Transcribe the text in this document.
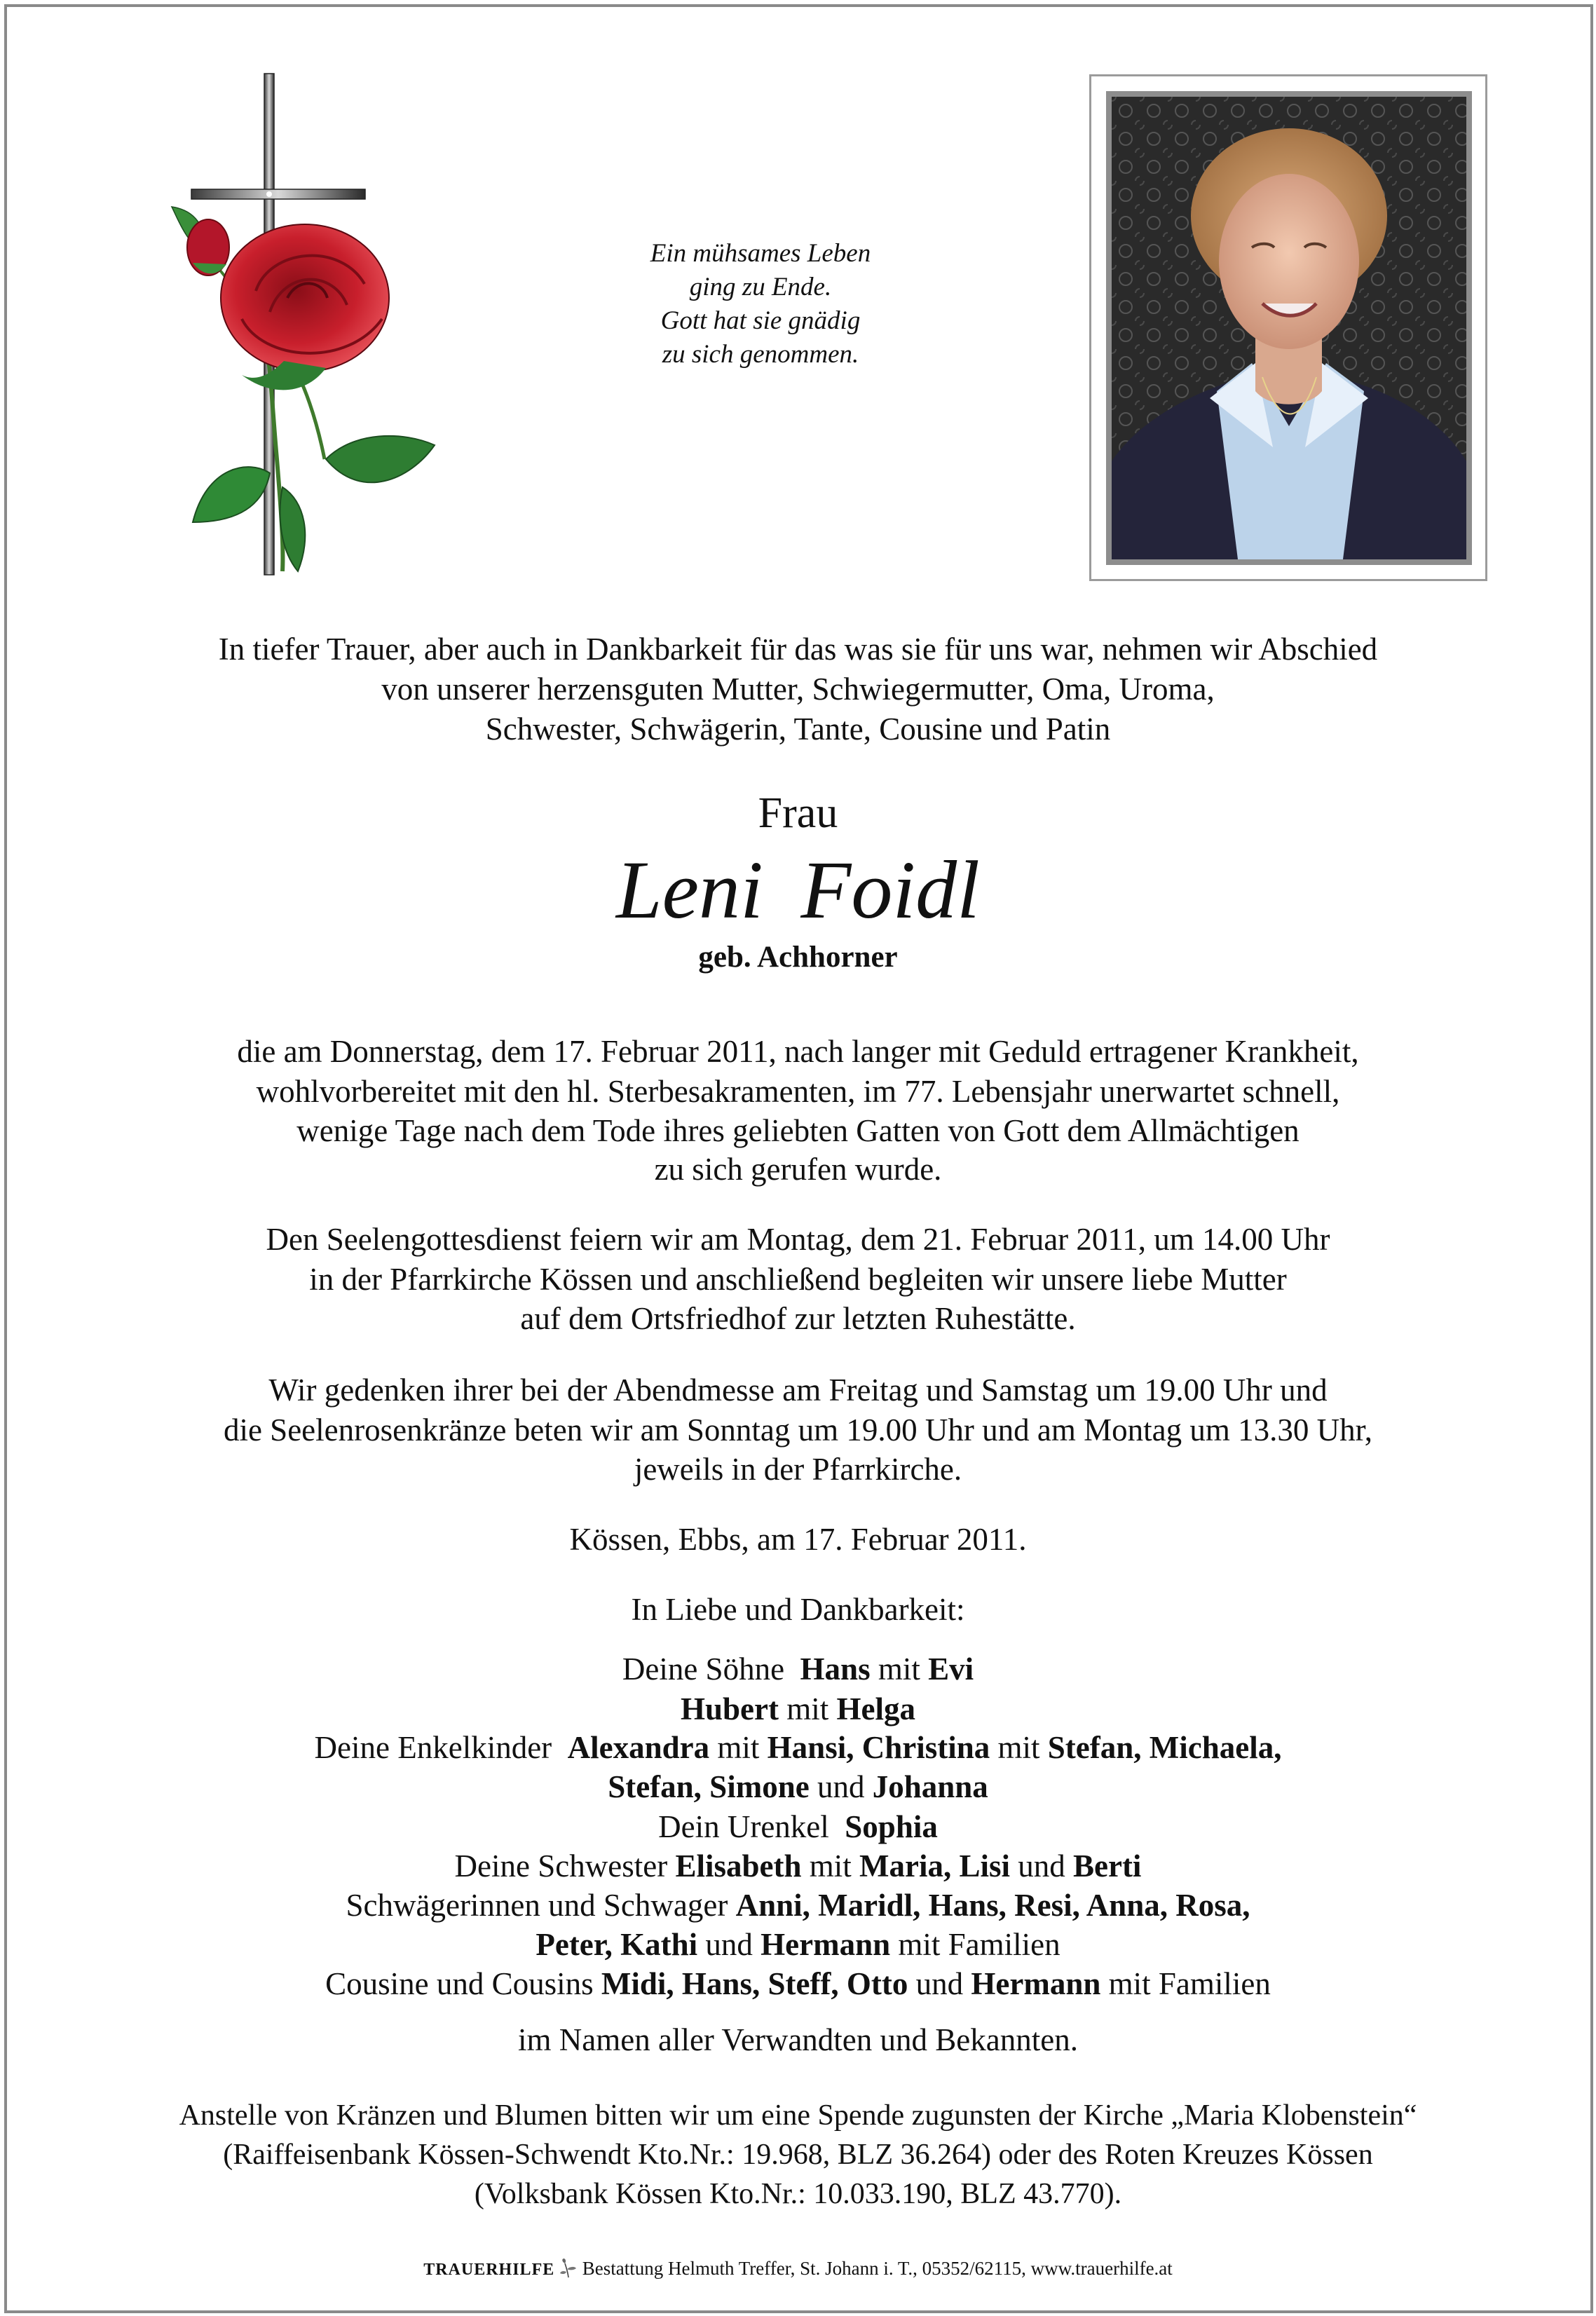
Ein mühsames Leben
ging zu Ende.
Gott hat sie gnädig
zu sich genommen.
In tiefer Trauer, aber auch in Dankbarkeit für das was sie für uns war, nehmen wir Abschied
von unserer herzensguten Mutter, Schwiegermutter, Oma, Uroma,
Schwester, Schwägerin, Tante, Cousine und Patin
Frau
Leni Foidl
geb. Achhorner
die am Donnerstag, dem 17. Februar 2011, nach langer mit Geduld ertragener Krankheit,
wohlvorbereitet mit den hl. Sterbesakramenten, im 77. Lebensjahr unerwartet schnell,
wenige Tage nach dem Tode ihres geliebten Gatten von Gott dem Allmächtigen
zu sich gerufen wurde.
Den Seelengottesdienst feiern wir am Montag, dem 21. Februar 2011, um 14.00 Uhr
in der Pfarrkirche Kössen und anschließend begleiten wir unsere liebe Mutter
auf dem Ortsfriedhof zur letzten Ruhestätte.
Wir gedenken ihrer bei der Abendmesse am Freitag und Samstag um 19.00 Uhr und
die Seelenrosenkränze beten wir am Sonntag um 19.00 Uhr und am Montag um 13.30 Uhr,
jeweils in der Pfarrkirche.
Kössen, Ebbs, am 17. Februar 2011.
In Liebe und Dankbarkeit:
Deine Söhne Hans mit Evi
Hubert mit Helga
Deine Enkelkinder Alexandra mit Hansi, Christina mit Stefan, Michaela,
Stefan, Simone und Johanna
Dein Urenkel Sophia
Deine Schwester Elisabeth mit Maria, Lisi und Berti
Schwägerinnen und Schwager Anni, Maridl, Hans, Resi, Anna, Rosa,
Peter, Kathi und Hermann mit Familien
Cousine und Cousins Midi, Hans, Steff, Otto und Hermann mit Familien
im Namen aller Verwandten und Bekannten.
Anstelle von Kränzen und Blumen bitten wir um eine Spende zugunsten der Kirche „Maria Klobenstein“
(Raiffeisenbank Kössen-Schwendt Kto.Nr.: 19.968, BLZ 36.264) oder des Roten Kreuzes Kössen
(Volksbank Kössen Kto.Nr.: 10.033.190, BLZ 43.770).
TRAUERHILFE Bestattung Helmuth Treffer, St. Johann i. T., 05352/62115, www.trauerhilfe.at
